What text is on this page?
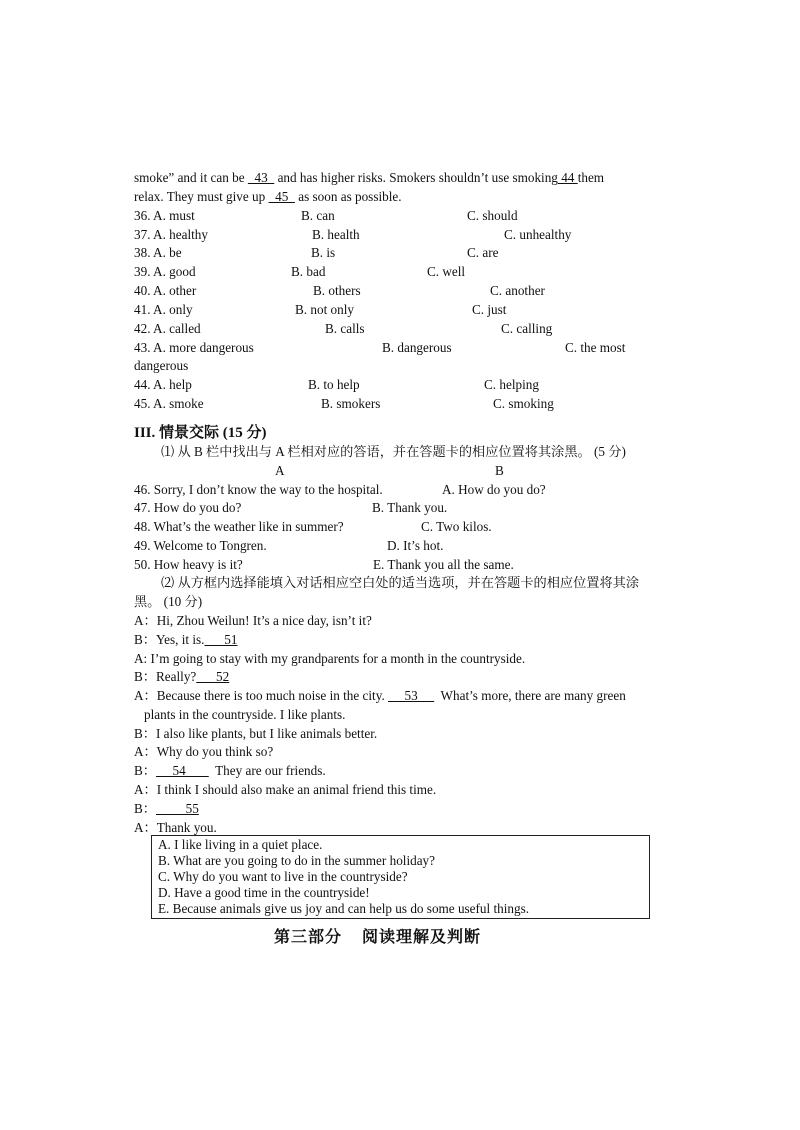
smoke” and it can be   43   and has higher risks. Smokers shouldn’t use smoking 44 them
relax. They must give up   45   as soon as possible.
36. A. must	B. can	C. should
37. A. healthy	B. health	C. unhealthy
38. A. be	B. is	C. are
39. A. good	B. bad	C. well
40. A. other	B. others	C. another
41. A. only	B. not only	C. just
42. A. called	B. calls	C. calling
43. A. more dangerous	B. dangerous	C. the most
dangerous
44. A. help	B. to help	C. helping
45. A. smoke	B. smokers	C. smoking
III. 情景交际 (15 分)
⑴ 从 B 栏中找出与 A 栏相对应的答语，并在答题卡的相应位置将其涂黑。 (5 分)
A	B
46. Sorry, I don’t know the way to the hospital.	A. How do you do?
47. How do you do?	B. Thank you.
48. What’s the weather like in summer?	C. Two kilos.
49. Welcome to Tongren.	D. It’s hot.
50. How heavy is it?	E. Thank you all the same.
⑵ 从方框内选择能填入对话相应空白处的适当选项，并在答题卡的相应位置将其涂
黑。 (10 分)
A：Hi, Zhou Weilun! It’s a nice day, isn’t it?
B：Yes, it is.      51
A: I’m going to stay with my grandparents for a month in the countryside.
B：Really?      52
A：Because there is too much noise in the city.      53       What’s more, there are many green
plants in the countryside. I like plants.
B：I also like plants, but I like animals better.
A：Why do you think so?
B：     54         They are our friends.
A：I think I should also make an animal friend this time.
B：         55
A：Thank you.
A. I like living in a quiet place.
B. What are you going to do in the summer holiday?
C. Why do you want to live in the countryside?
D. Have a good time in the countryside!
E. Because animals give us joy and can help us do some useful things.
第三部分    阅读理解及判断
